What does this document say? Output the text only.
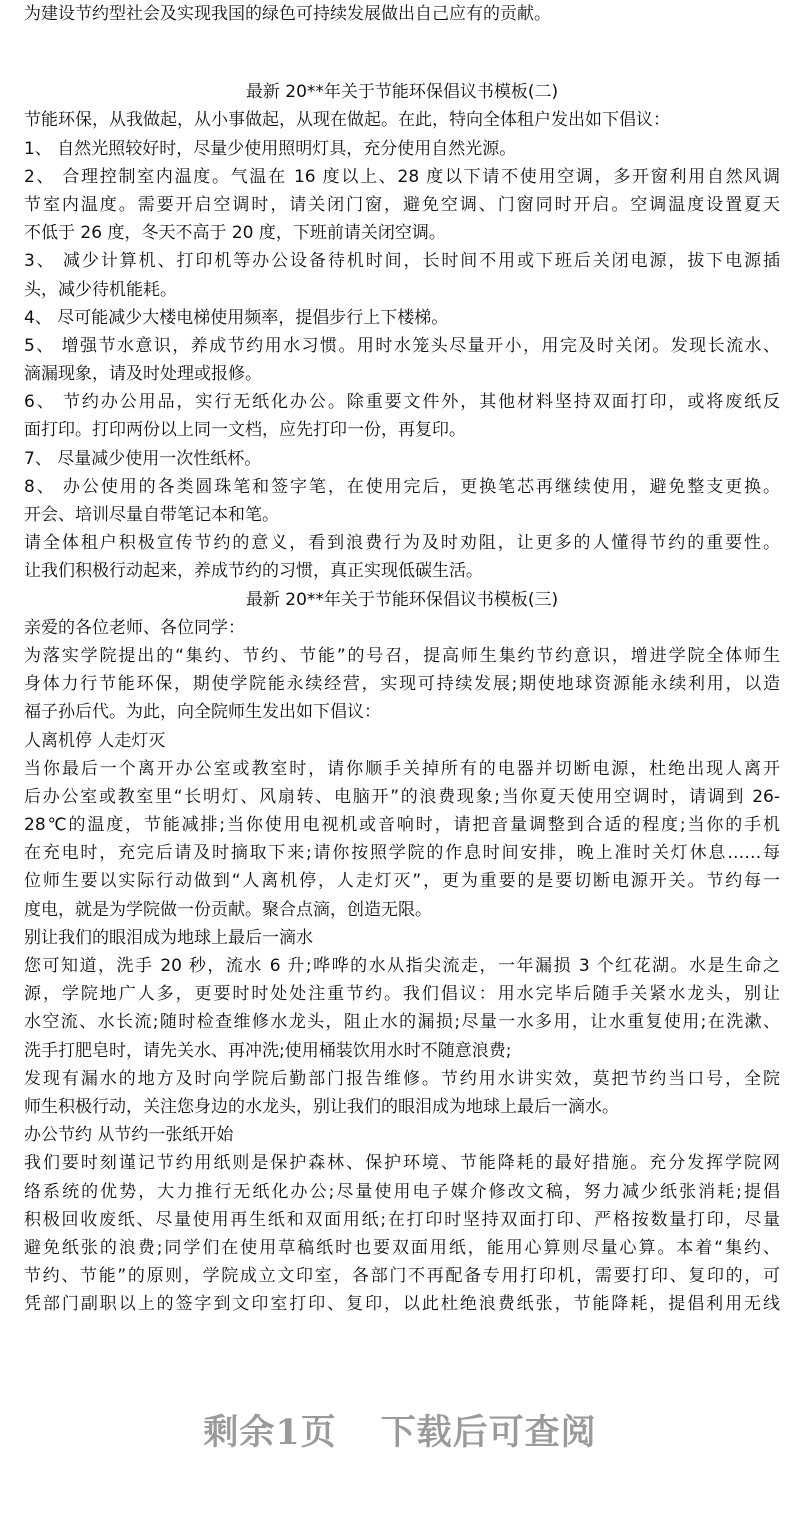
为建设节约型社会及实现我国的绿色可持续发展做出自己应有的贡献。

最新 20**年关于节能环保倡议书模板(二)

节能环保，从我做起，从小事做起，从现在做起。在此，特向全体租户发出如下倡议：

1、 自然光照较好时，尽量少使用照明灯具，充分使用自然光源。

2、 合理控制室内温度。气温在 16 度以上、28 度以下请不使用空调，多开窗利用自然风调

节室内温度。需要开启空调时，请关闭门窗，避免空调、门窗同时开启。空调温度设置夏天

不低于 26 度，冬天不高于 20 度，下班前请关闭空调。

3、 减少计算机、打印机等办公设备待机时间，长时间不用或下班后关闭电源，拔下电源插

头，减少待机能耗。

4、 尽可能减少大楼电梯使用频率，提倡步行上下楼梯。

5、 增强节水意识，养成节约用水习惯。用时水笼头尽量开小，用完及时关闭。发现长流水、

滴漏现象，请及时处理或报修。

6、 节约办公用品，实行无纸化办公。除重要文件外，其他材料坚持双面打印，或将废纸反

面打印。打印两份以上同一文档，应先打印一份，再复印。

7、 尽量减少使用一次性纸杯。

8、 办公使用的各类圆珠笔和签字笔，在使用完后，更换笔芯再继续使用，避免整支更换。

开会、培训尽量自带笔记本和笔。

请全体租户积极宣传节约的意义，看到浪费行为及时劝阻，让更多的人懂得节约的重要性。

让我们积极行动起来，养成节约的习惯，真正实现低碳生活。

最新 20**年关于节能环保倡议书模板(三)

亲爱的各位老师、各位同学：

为落实学院提出的“集约、节约、节能”的号召，提高师生集约节约意识，增进学院全体师生

身体力行节能环保，期使学院能永续经营，实现可持续发展;期使地球资源能永续利用，以造

福子孙后代。为此，向全院师生发出如下倡议：

人离机停 人走灯灭

当你最后一个离开办公室或教室时，请你顺手关掉所有的电器并切断电源，杜绝出现人离开

后办公室或教室里“长明灯、风扇转、电脑开”的浪费现象;当你夏天使用空调时，请调到 26-

28℃的温度，节能减排;当你使用电视机或音响时，请把音量调整到合适的程度;当你的手机

在充电时，充完后请及时摘取下来;请你按照学院的作息时间安排，晚上准时关灯休息……每

位师生要以实际行动做到“人离机停，人走灯灭”，更为重要的是要切断电源开关。节约每一

度电，就是为学院做一份贡献。聚合点滴，创造无限。

别让我们的眼泪成为地球上最后一滴水

您可知道，洗手 20 秒，流水 6 升;哗哗的水从指尖流走，一年漏损 3 个红花湖。水是生命之

源，学院地广人多，更要时时处处注重节约。我们倡议：用水完毕后随手关紧水龙头，别让

水空流、水长流;随时检查维修水龙头，阻止水的漏损;尽量一水多用，让水重复使用;在洗漱、

洗手打肥皂时，请先关水、再冲洗;使用桶装饮用水时不随意浪费;

发现有漏水的地方及时向学院后勤部门报告维修。节约用水讲实效，莫把节约当口号，全院

师生积极行动，关注您身边的水龙头，别让我们的眼泪成为地球上最后一滴水。

办公节约 从节约一张纸开始

我们要时刻谨记节约用纸则是保护森林、保护环境、节能降耗的最好措施。充分发挥学院网

络系统的优势，大力推行无纸化办公;尽量使用电子媒介修改文稿，努力减少纸张消耗;提倡

积极回收废纸、尽量使用再生纸和双面用纸;在打印时坚持双面打印、严格按数量打印，尽量

避免纸张的浪费;同学们在使用草稿纸时也要双面用纸，能用心算则尽量心算。本着“集约、

节约、节能”的原则，学院成立文印室，各部门不再配备专用打印机，需要打印、复印的，可

凭部门副职以上的签字到文印室打印、复印，以此杜绝浪费纸张，节能降耗，提倡利用无线

剩余1页 下载后可查阅
